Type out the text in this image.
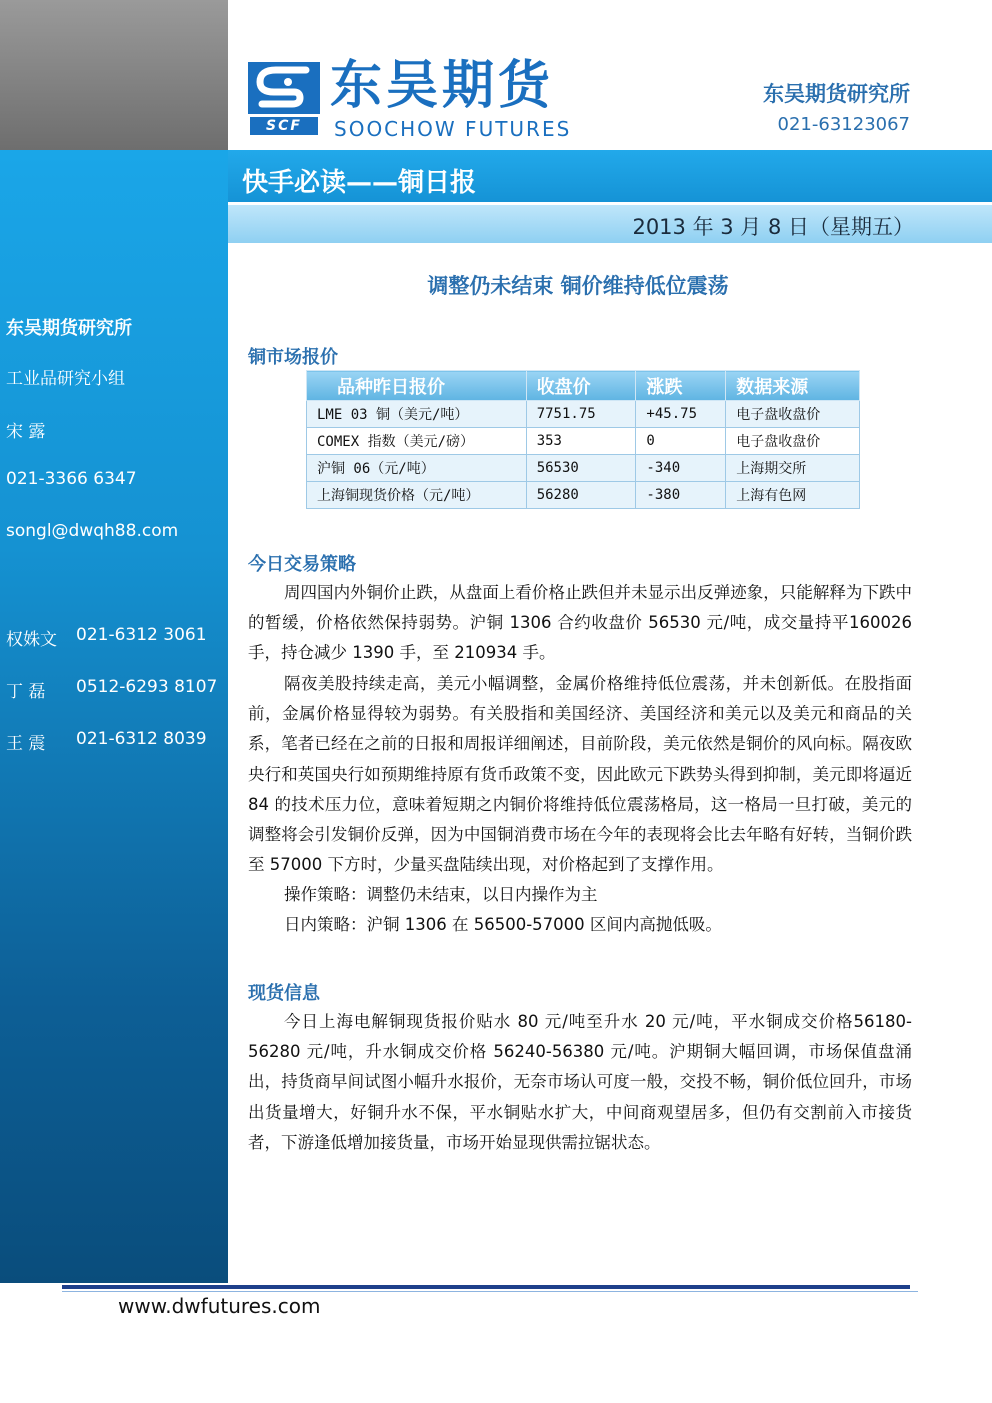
东吴期货研究所
工业品研究小组
宋 露
021-3366 6347
songl@dwqh88.com
权姝文	021-6312 3061
丁 磊	0512-6293 8107
王 震	021-6312 8039
SCF
东吴期货
SOOCHOW FUTURES
东吴期货研究所
021-63123067
快手必读——铜日报
2013 年 3 月 8 日（星期五）
调整仍未结束 铜价维持低位震荡
铜市场报价
品种昨日报价	收盘价	涨跌	数据来源
LME 03 铜（美元/吨）	7751.75	+45.75	电子盘收盘价
COMEX 指数（美元/磅）	353	0	电子盘收盘价
沪铜 06（元/吨）	56530	-340	上海期交所
上海铜现货价格（元/吨）	56280	-380	上海有色网
今日交易策略
周四国内外铜价止跌，从盘面上看价格止跌但并未显示出反弹迹象，只能解释为下跌中的暂缓，价格依然保持弱势。沪铜 1306 合约收盘价 56530 元/吨，成交量持平160026 手，持仓减少 1390 手，至 210934 手。
隔夜美股持续走高，美元小幅调整，金属价格维持低位震荡，并未创新低。在股指面前，金属价格显得较为弱势。有关股指和美国经济、美国经济和美元以及美元和商品的关系，笔者已经在之前的日报和周报详细阐述，目前阶段，美元依然是铜价的风向标。隔夜欧央行和英国央行如预期维持原有货币政策不变，因此欧元下跌势头得到抑制，美元即将逼近 84 的技术压力位，意味着短期之内铜价将维持低位震荡格局，这一格局一旦打破，美元的调整将会引发铜价反弹，因为中国铜消费市场在今年的表现将会比去年略有好转，当铜价跌至 57000 下方时，少量买盘陆续出现，对价格起到了支撑作用。
操作策略：调整仍未结束，以日内操作为主
日内策略：沪铜 1306 在 56500-57000 区间内高抛低吸。
现货信息
今日上海电解铜现货报价贴水 80 元/吨至升水 20 元/吨，平水铜成交价格56180-56280 元/吨，升水铜成交价格 56240-56380 元/吨。沪期铜大幅回调，市场保值盘涌出，持货商早间试图小幅升水报价，无奈市场认可度一般，交投不畅，铜价低位回升，市场出货量增大，好铜升水不保，平水铜贴水扩大，中间商观望居多，但仍有交割前入市接货者，下游逢低增加接货量，市场开始显现供需拉锯状态。
www.dwfutures.com
